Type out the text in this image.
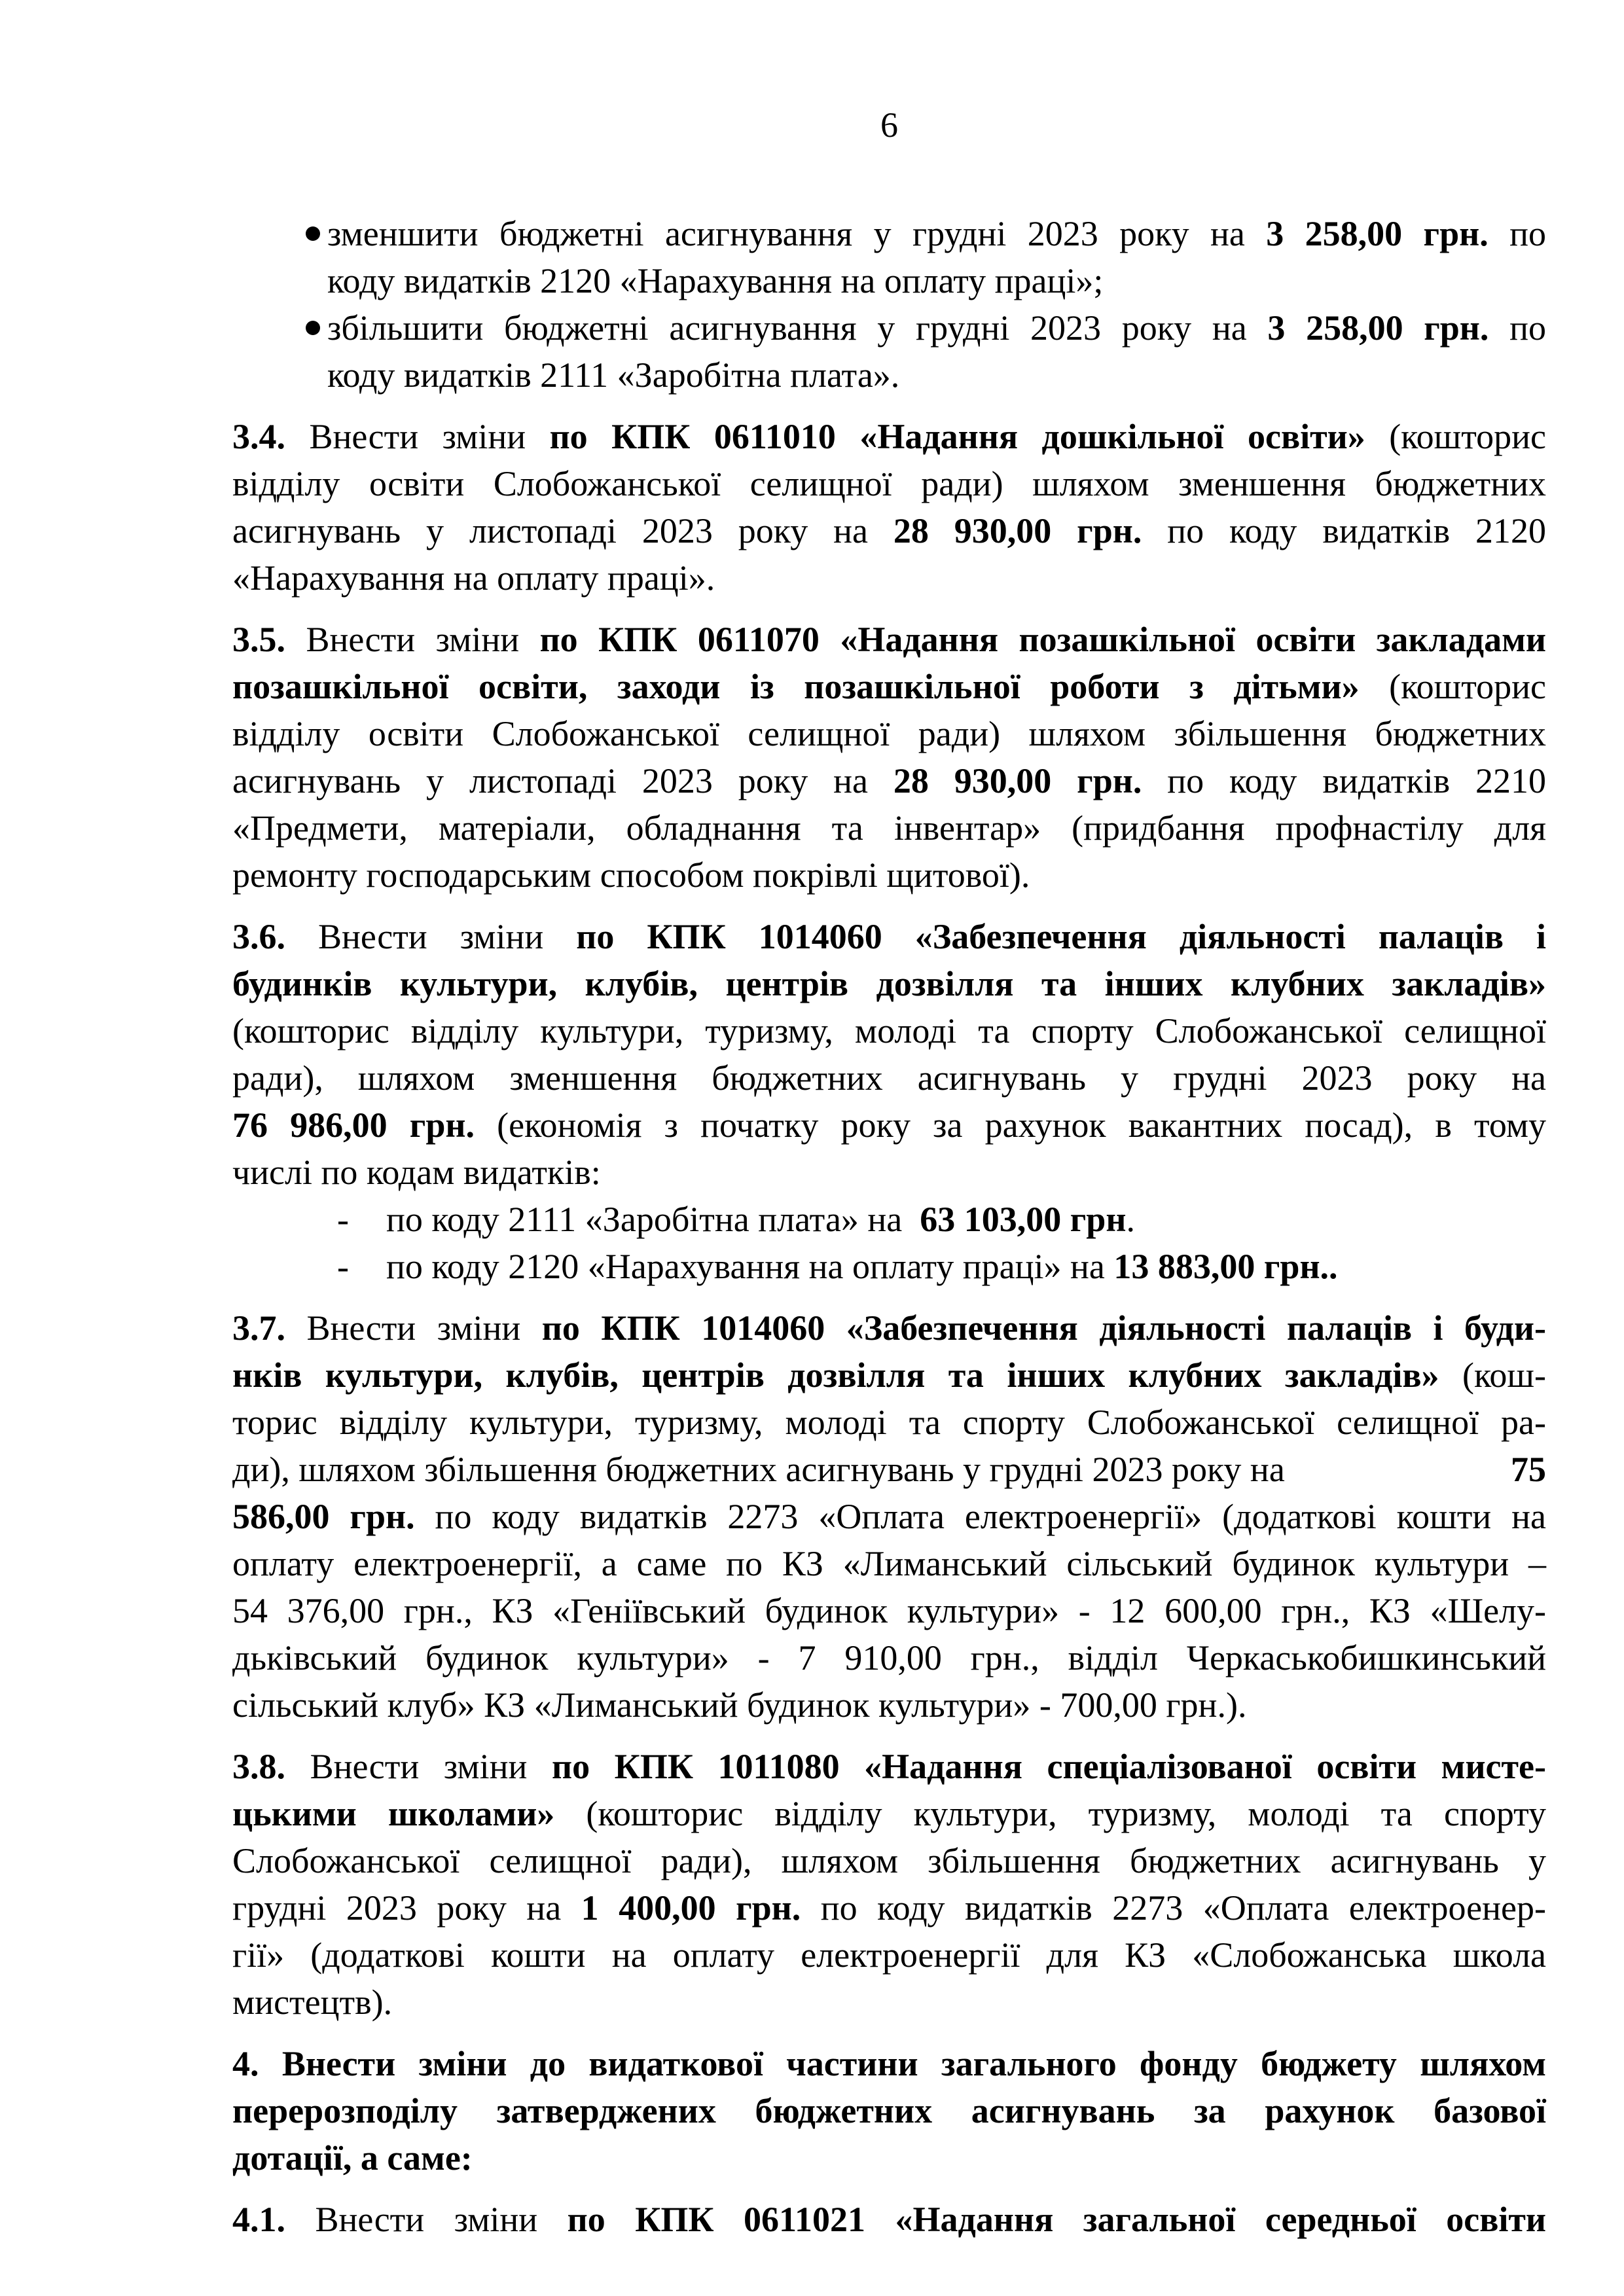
6
зменшити бюджетні асигнування у грудні 2023 року на 3 258,00 грн. по
коду видатків 2120 «Нарахування на оплату праці»;
збільшити бюджетні асигнування у грудні 2023 року на 3 258,00 грн. по
коду видатків 2111 «Заробітна плата».
3.4. Внести зміни по КПК 0611010 «Надання дошкільної освіти» (кошторис
відділу освіти Слобожанської селищної ради) шляхом зменшення бюджетних
асигнувань у листопаді 2023 року на 28 930,00 грн. по коду видатків 2120
«Нарахування на оплату праці».
3.5. Внести зміни по КПК 0611070 «Надання позашкільної освіти закладами
позашкільної освіти, заходи із позашкільної роботи з дітьми» (кошторис
відділу освіти Слобожанської селищної ради) шляхом збільшення бюджетних
асигнувань у листопаді 2023 року на 28 930,00 грн. по коду видатків 2210
«Предмети, матеріали, обладнання та інвентар» (придбання профнастілу для
ремонту господарським способом покрівлі щитової).
3.6. Внести зміни по КПК 1014060 «Забезпечення діяльності палаців і
будинків культури, клубів, центрів дозвілля та інших клубних закладів»
(кошторис відділу культури, туризму, молоді та спорту Слобожанської селищної
ради), шляхом зменшення бюджетних асигнувань у грудні 2023 року на
76 986,00 грн. (економія з початку року за рахунок вакантних посад), в тому
числі по кодам видатків:
-	по коду 2111 «Заробітна плата» на  63 103,00 грн.
-	по коду 2120 «Нарахування на оплату праці» на 13 883,00 грн..
3.7. Внести зміни по КПК 1014060 «Забезпечення діяльності палаців і буди-
нків культури, клубів, центрів дозвілля та інших клубних закладів» (кош-
торис відділу культури, туризму, молоді та спорту Слобожанської селищної ра-
ди), шляхом збільшення бюджетних асигнувань у грудні 2023 року на	75
586,00 грн. по коду видатків 2273 «Оплата електроенергії» (додаткові кошти на
оплату електроенергії, а саме по КЗ «Лиманський сільський будинок культури –
54 376,00 грн., КЗ «Геніївський будинок культури» - 12 600,00 грн., КЗ «Шелу-
дьківський будинок культури» - 7 910,00 грн., відділ Черкаськобишкинський
сільський клуб» КЗ «Лиманський будинок культури» - 700,00 грн.).
3.8. Внести зміни по КПК 1011080 «Надання спеціалізованої освіти мисте-
цькими школами» (кошторис відділу культури, туризму, молоді та спорту
Слобожанської селищної ради), шляхом збільшення бюджетних асигнувань у
грудні 2023 року на 1 400,00 грн. по коду видатків 2273 «Оплата електроенер-
гії» (додаткові кошти на оплату електроенергії для КЗ «Слобожанська школа
мистецтв).
4. Внести зміни до видаткової частини загального фонду бюджету шляхом
перерозподілу затверджених бюджетних асигнувань за рахунок базової
дотації, а саме:
4.1. Внести зміни по КПК 0611021 «Надання загальної середньої освіти
